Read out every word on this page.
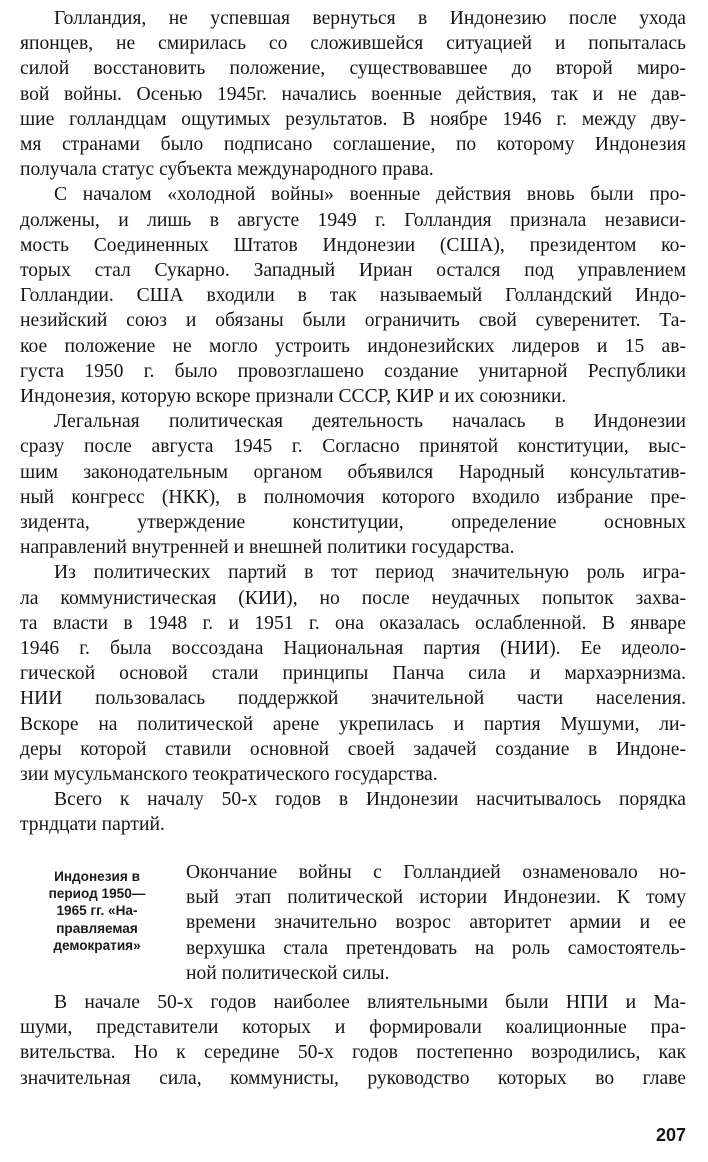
Голландия, не успевшая вернуться в Индонезию после ухода
японцев, не смирилась со сложившейся ситуацией и попыталась
силой восстановить положение, существовавшее до второй миро-
вой войны. Осенью 1945г. начались военные действия, так и не дав-
шие голландцам ощутимых результатов. В ноябре 1946 г. между дву-
мя странами было подписано соглашение, по которому Индонезия
получала статус субъекта международного права.
С началом «холодной войны» военные действия вновь были про-
должены, и лишь в августе 1949 г. Голландия признала независи-
мость Соединенных Штатов Индонезии (США), президентом ко-
торых стал Сукарно. Западный Ириан остался под управлением
Голландии. США входили в так называемый Голландский Индо-
незийский союз и обязаны были ограничить свой суверенитет. Та-
кое положение не могло устроить индонезийских лидеров и 15 ав-
густа 1950 г. было провозглашено создание унитарной Республики
Индонезия, которую вскоре признали СССР, КИР и их союзники.
Легальная политическая деятельность началась в Индонезии
сразу после августа 1945 г. Согласно принятой конституции, выс-
шим законодательным органом объявился Народный консультатив-
ный конгресс (НКК), в полномочия которого входило избрание пре-
зидента, утверждение конституции, определение основных
направлений внутренней и внешней политики государства.
Из политических партий в тот период значительную роль игра-
ла коммунистическая (КИИ), но после неудачных попыток захва-
та власти в 1948 г. и 1951 г. она оказалась ослабленной. В январе
1946 г. была воссоздана Национальная партия (НИИ). Ее идеоло-
гической основой стали принципы Панча сила и мархаэрнизма.
НИИ пользовалась поддержкой значительной части населения.
Вскоре на политической арене укрепилась и партия Мушуми, ли-
деры которой ставили основной своей задачей создание в Индоне-
зии мусульманского теократического государства.
Всего к началу 50-х годов в Индонезии насчитывалось порядка
трндцати партий.
Индонезия в
период 1950—
1965 гг. «На-
правляемая
демократия»
Окончание войны с Голландией ознаменовало но-
вый этап политической истории Индонезии. К тому
времени значительно возрос авторитет армии и ее
верхушка стала претендовать на роль самостоятель-
ной политической силы.
В начале 50-х годов наиболее влиятельными были НПИ и Ма-
шуми, представители которых и формировали коалиционные пра-
вительства. Но к середине 50-х годов постепенно возродились, как
значительная сила, коммунисты, руководство которых во главе
207
